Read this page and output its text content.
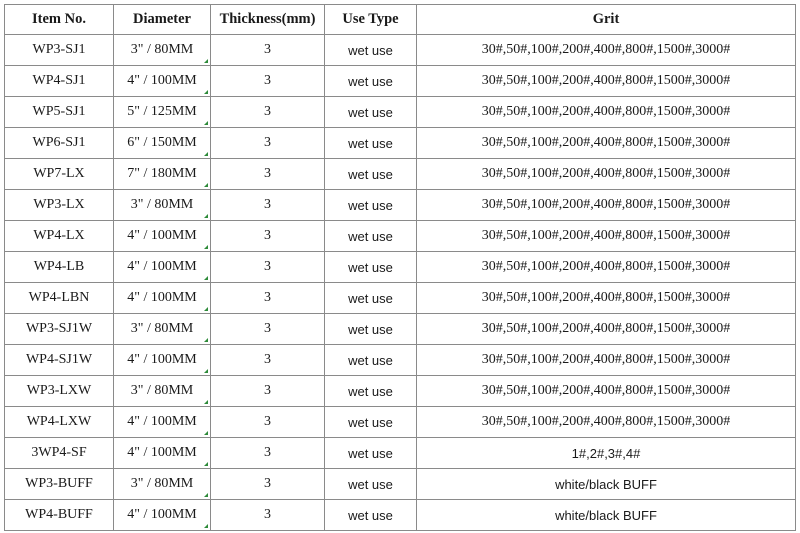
Item No.	Diameter	Thickness(mm)	Use Type	Grit
WP3-SJ1	3" / 80MM	3	wet use	30#,50#,100#,200#,400#,800#,1500#,3000#
WP4-SJ1	4" / 100MM	3	wet use	30#,50#,100#,200#,400#,800#,1500#,3000#
WP5-SJ1	5" / 125MM	3	wet use	30#,50#,100#,200#,400#,800#,1500#,3000#
WP6-SJ1	6" / 150MM	3	wet use	30#,50#,100#,200#,400#,800#,1500#,3000#
WP7-LX	7" / 180MM	3	wet use	30#,50#,100#,200#,400#,800#,1500#,3000#
WP3-LX	3" / 80MM	3	wet use	30#,50#,100#,200#,400#,800#,1500#,3000#
WP4-LX	4" / 100MM	3	wet use	30#,50#,100#,200#,400#,800#,1500#,3000#
WP4-LB	4" / 100MM	3	wet use	30#,50#,100#,200#,400#,800#,1500#,3000#
WP4-LBN	4" / 100MM	3	wet use	30#,50#,100#,200#,400#,800#,1500#,3000#
WP3-SJ1W	3" / 80MM	3	wet use	30#,50#,100#,200#,400#,800#,1500#,3000#
WP4-SJ1W	4" / 100MM	3	wet use	30#,50#,100#,200#,400#,800#,1500#,3000#
WP3-LXW	3" / 80MM	3	wet use	30#,50#,100#,200#,400#,800#,1500#,3000#
WP4-LXW	4" / 100MM	3	wet use	30#,50#,100#,200#,400#,800#,1500#,3000#
3WP4-SF	4" / 100MM	3	wet use	1#,2#,3#,4#
WP3-BUFF	3" / 80MM	3	wet use	white/black BUFF
WP4-BUFF	4" / 100MM	3	wet use	white/black BUFF
